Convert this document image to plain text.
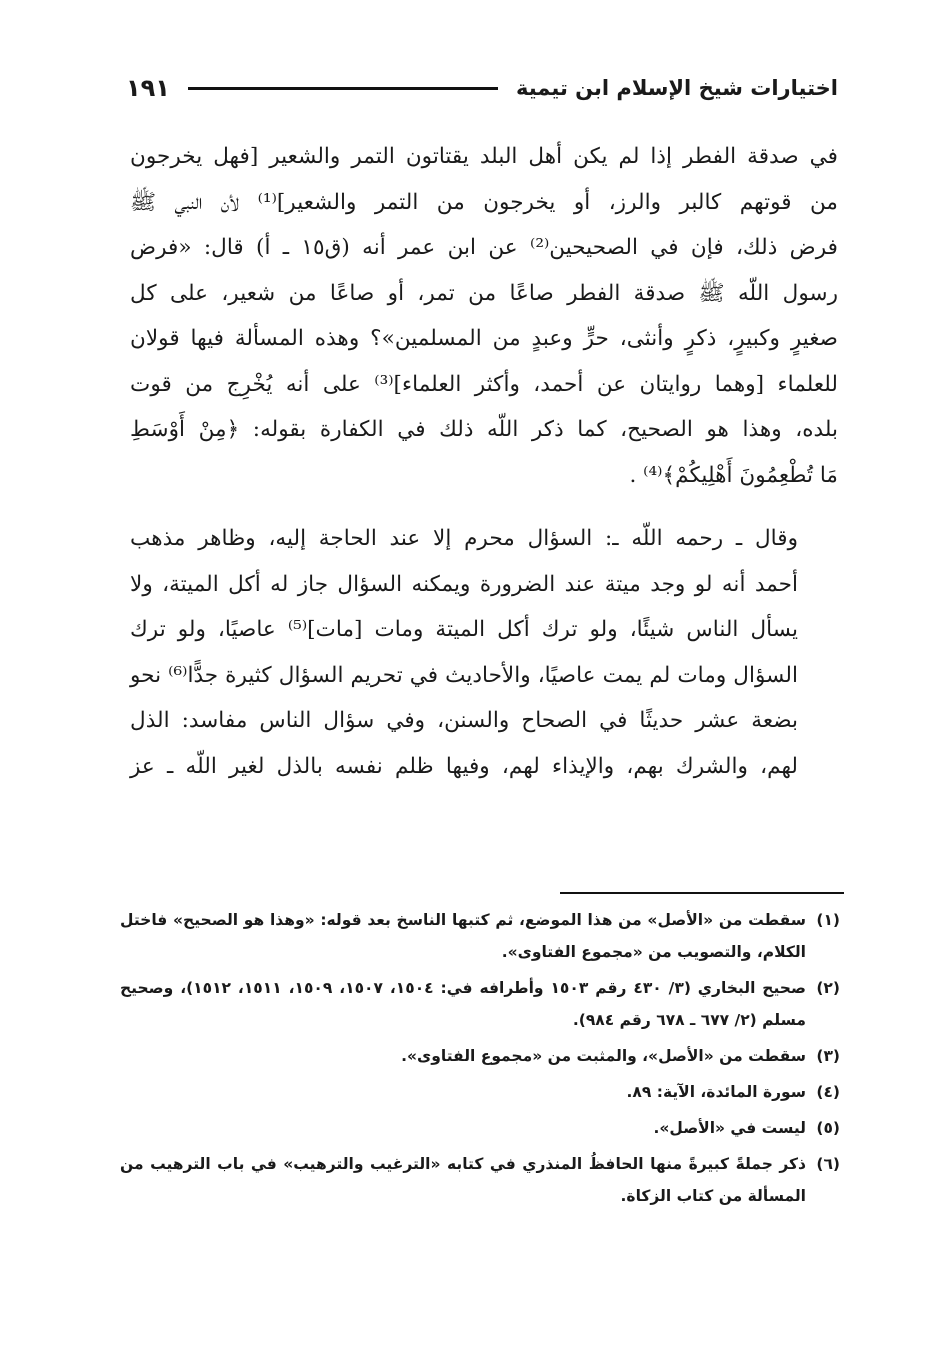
اختيارات شيخ الإسلام ابن تيمية
١٩١

في صدقة الفطر إذا لم يكن أهل البلد يقتاتون التمر والشعير [فهل يخرجون
من قوتهم كالبر والرز، أو يخرجون من التمر والشعير]⁽¹⁾ لأن النبي ﷺ
فرض ذلك، فإن في الصحيحين⁽²⁾ عن ابن عمر أنه (ق١٥ ـ أ) قال: «فرض
رسول اللّه ﷺ صدقة الفطر صاعًا من تمر، أو صاعًا من شعير، على كل
صغيرٍ وكبيرٍ، ذكرٍ وأنثى، حرٍّ وعبدٍ من المسلمين»؟ وهذه المسألة فيها قولان
للعلماء [وهما روايتان عن أحمد، وأكثر العلماء]⁽³⁾ على أنه يُخْرِج من قوت
بلده، وهذا هو الصحيح، كما ذكر اللّه ذلك في الكفارة بقوله: ﴿مِنْ أَوْسَطِ
مَا تُطْعِمُونَ أَهْلِيكُمْ﴾⁽⁴⁾ .

وقال ـ رحمه اللّه ـ: السؤال محرم إلا عند الحاجة إليه، وظاهر مذهب
أحمد أنه لو وجد ميتة عند الضرورة ويمكنه السؤال جاز له أكل الميتة، ولا
يسأل الناس شيئًا، ولو ترك أكل الميتة ومات [مات]⁽⁵⁾ عاصيًا، ولو ترك
السؤال ومات لم يمت عاصيًا، والأحاديث في تحريم السؤال كثيرة جدًّا⁽⁶⁾ نحو
بضعة عشر حديثًا في الصحاح والسنن، وفي سؤال الناس مفاسد: الذل
لهم، والشرك بهم، والإيذاء لهم، وفيها ظلم نفسه بالذل لغير اللّه ـ عز

(١)سقطت من «الأصل» من هذا الموضع، ثم كتبها الناسخ بعد قوله: «وهذا هو الصحيح» فاختل الكلام، والتصويب من «مجموع الفتاوى».

(٢)صحيح البخاري (٣/ ٤٣٠ رقم ١٥٠٣ وأطرافه في: ١٥٠٤، ١٥٠٧، ١٥٠٩، ١٥١١، ١٥١٢)، وصحيح مسلم (٢/ ٦٧٧ ـ ٦٧٨ رقم ٩٨٤).

(٣)سقطت من «الأصل»، والمثبت من «مجموع الفتاوى».

(٤)سورة المائدة، الآية: ٨٩.

(٥)ليست في «الأصل».

(٦)ذكر جملةً كبيرةً منها الحافظُ المنذري في كتابه «الترغيب والترهيب» في باب الترهيب من المسألة من كتاب الزكاة.
